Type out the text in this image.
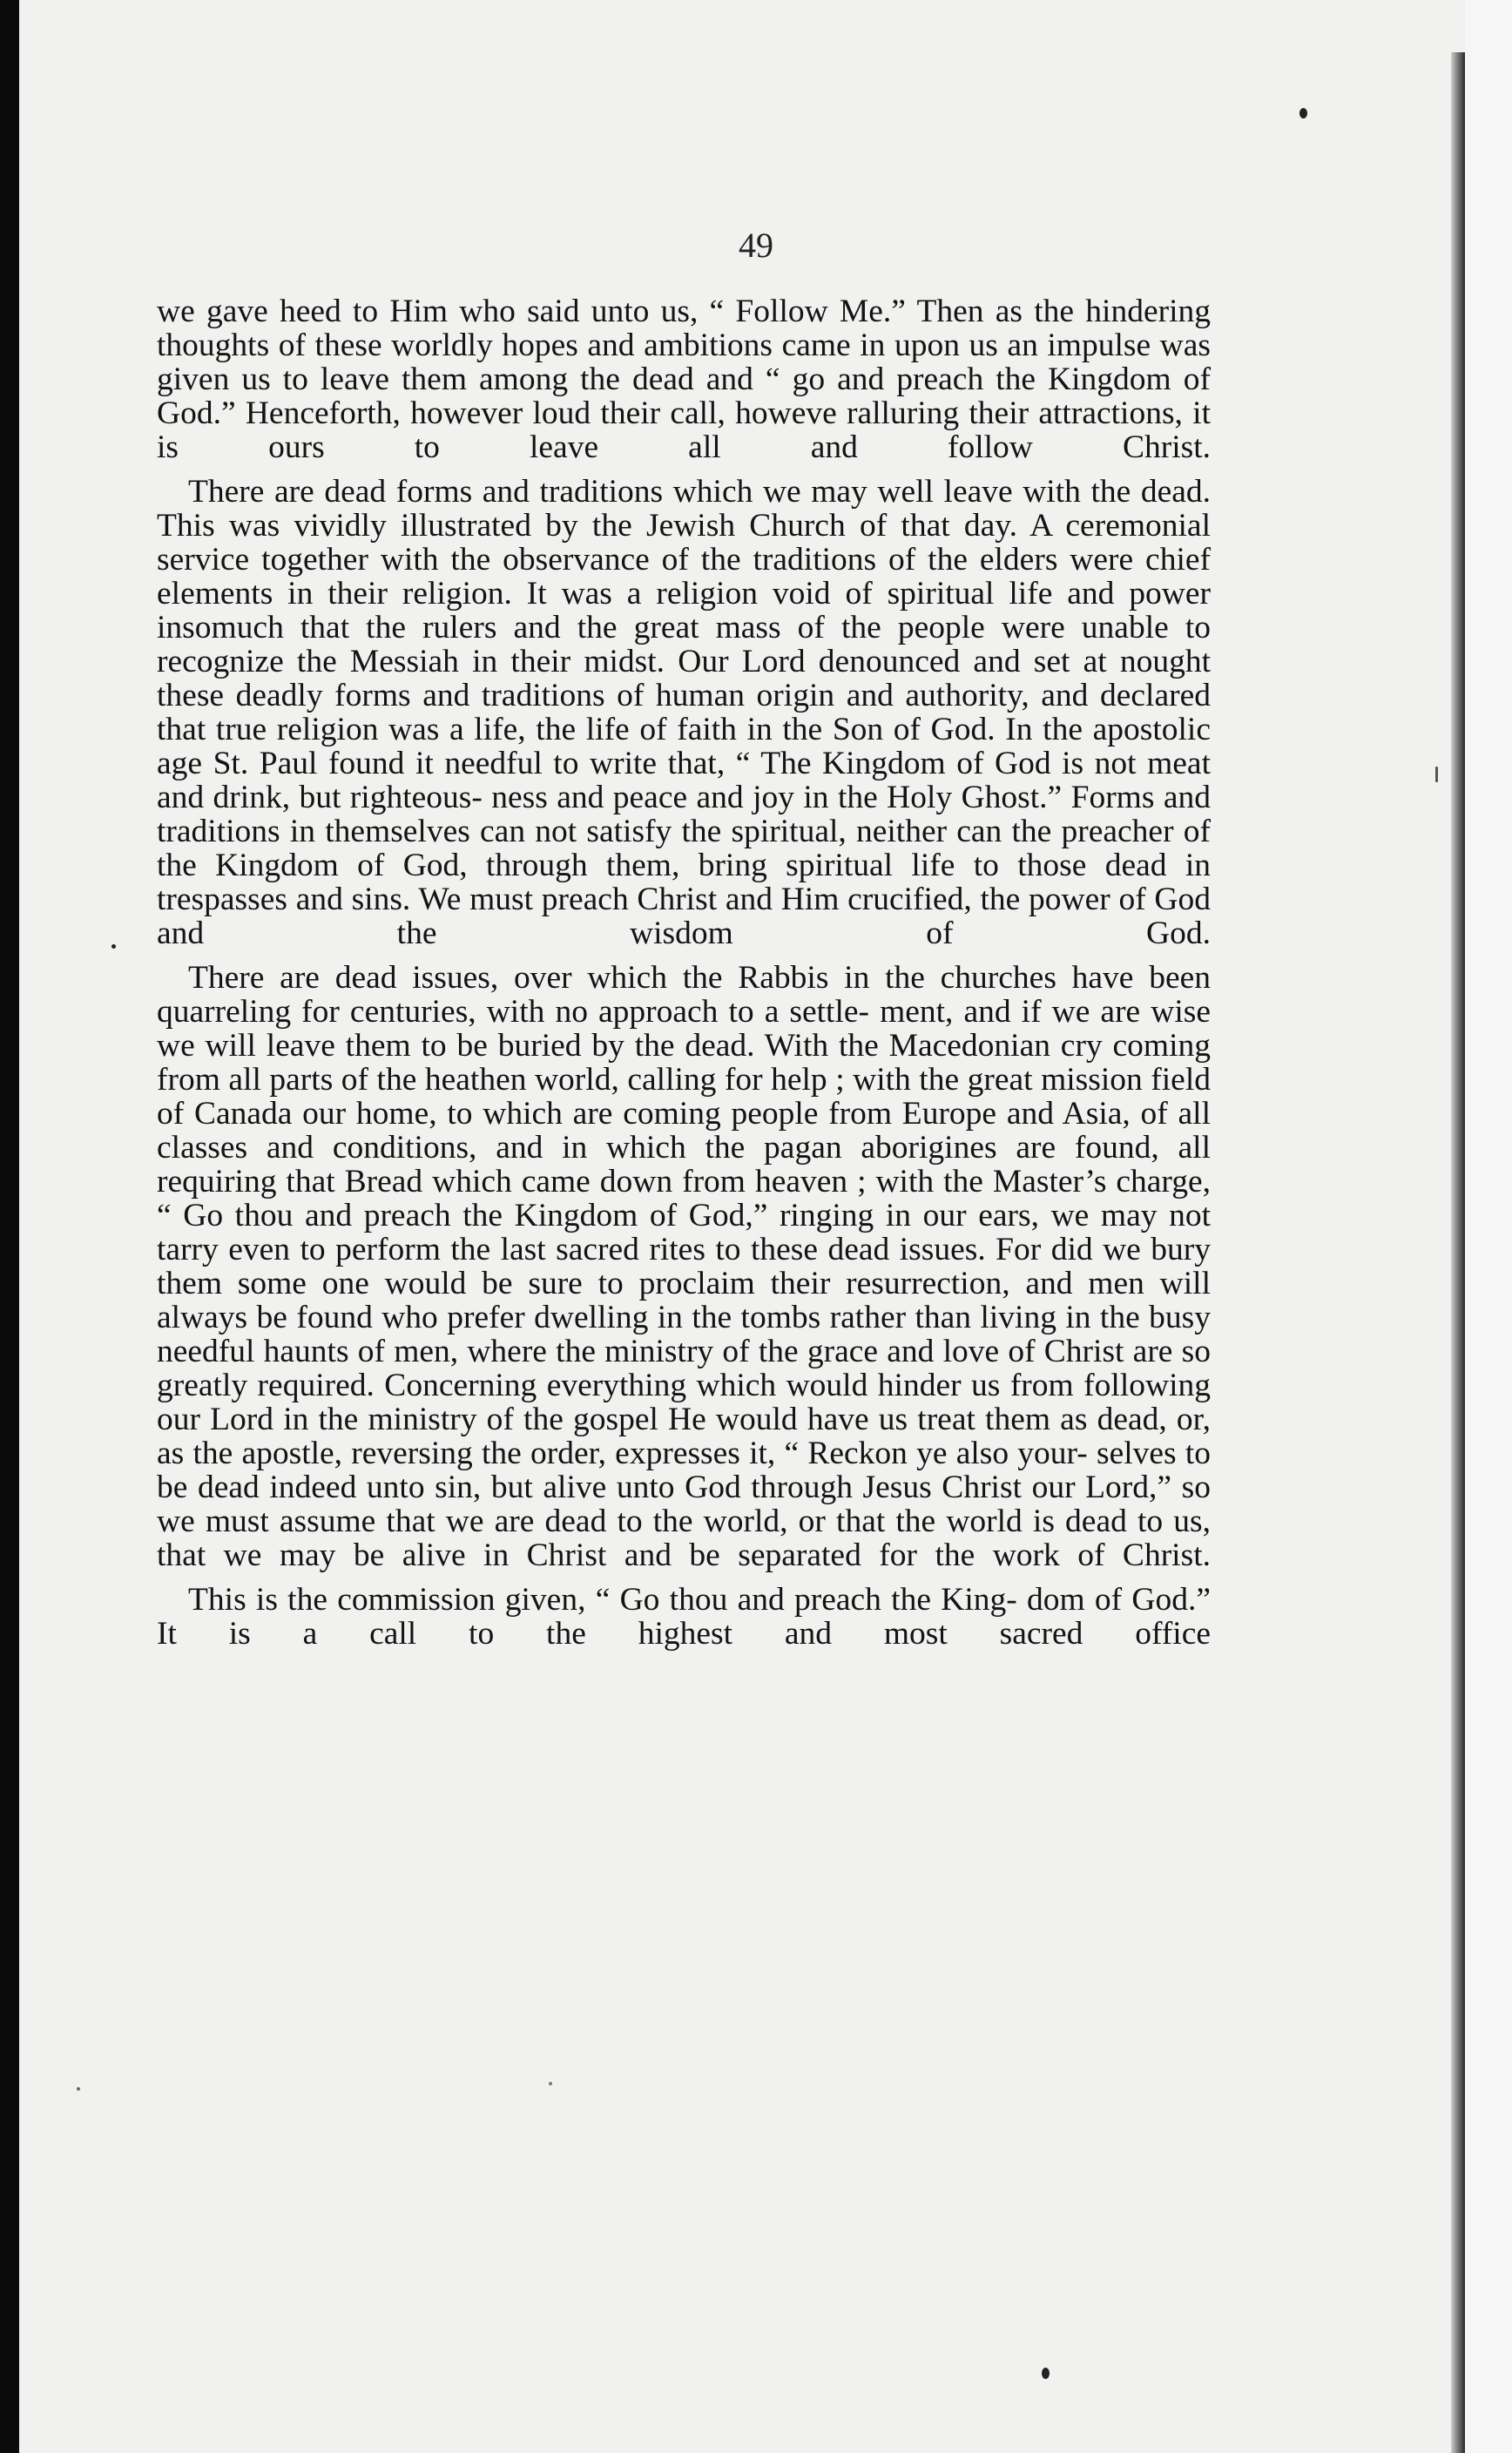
49

we gave heed to Him who said unto us, “ Follow Me.” Then as the hindering thoughts of these worldly hopes and ambitions came in upon us an impulse was given us to leave them among the dead and “ go and preach the Kingdom of God.” Henceforth, however loud their call, howeve ralluring their attractions, it is ours to leave all and follow Christ.

There are dead forms and traditions which we may well leave with the dead. This was vividly illustrated by the Jewish Church of that day. A ceremonial service together with the observance of the traditions of the elders were chief elements in their religion. It was a religion void of spiritual life and power insomuch that the rulers and the great mass of the people were unable to recognize the Messiah in their midst. Our Lord denounced and set at nought these deadly forms and traditions of human origin and authority, and declared that true religion was a life, the life of faith in the Son of God. In the apostolic age St. Paul found it needful to write that, “ The Kingdom of God is not meat and drink, but righteous- ness and peace and joy in the Holy Ghost.” Forms and traditions in themselves can not satisfy the spiritual, neither can the preacher of the Kingdom of God, through them, bring spiritual life to those dead in trespasses and sins. We must preach Christ and Him crucified, the power of God and the wisdom of God.

There are dead issues, over which the Rabbis in the churches have been quarreling for centuries, with no approach to a settle- ment, and if we are wise we will leave them to be buried by the dead. With the Macedonian cry coming from all parts of the heathen world, calling for help ; with the great mission field of Canada our home, to which are coming people from Europe and Asia, of all classes and conditions, and in which the pagan aborigines are found, all requiring that Bread which came down from heaven ; with the Master’s charge, “ Go thou and preach the Kingdom of God,” ringing in our ears, we may not tarry even to perform the last sacred rites to these dead issues. For did we bury them some one would be sure to proclaim their resurrection, and men will always be found who prefer dwelling in the tombs rather than living in the busy needful haunts of men, where the ministry of the grace and love of Christ are so greatly required. Concerning everything which would hinder us from following our Lord in the ministry of the gospel He would have us treat them as dead, or, as the apostle, reversing the order, expresses it, “ Reckon ye also your- selves to be dead indeed unto sin, but alive unto God through Jesus Christ our Lord,” so we must assume that we are dead to the world, or that the world is dead to us, that we may be alive in Christ and be separated for the work of Christ.

This is the commission given, “ Go thou and preach the King- dom of God.” It is a call to the highest and most sacred office
